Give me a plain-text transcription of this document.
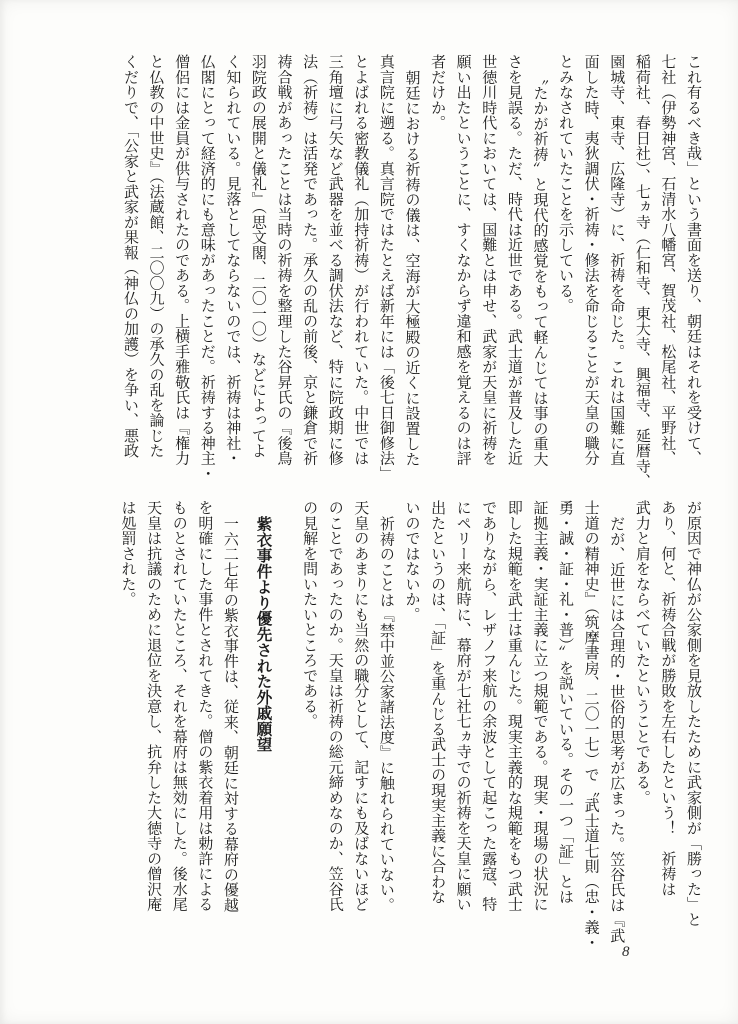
これ有るべき哉」という書面を送り、朝廷はそれを受けて、
七社（伊勢神宮、石清水八幡宮、賀茂社、松尾社、平野社、
稲荷社、春日社）、七ヵ寺（仁和寺、東大寺、興福寺、延暦寺、
園城寺、東寺、広隆寺）に、祈祷を命じた。これは国難に直
面した時、夷狄調伏・祈祷・修法を命じることが天皇の職分
とみなされていたことを示している。
〝たかが祈祷〟と現代的感覚をもって軽んじては事の重大
さを見誤る。ただ、時代は近世である。武士道が普及した近
世徳川時代においては、国難とは申せ、武家が天皇に祈祷を
願い出たということに、すくなからず違和感を覚えるのは評
者だけか。
朝廷における祈祷の儀は、空海が大極殿の近くに設置した
真言院に遡る。真言院ではたとえば新年には「後七日御修法」
とよばれる密教儀礼（加持祈祷）が行われていた。中世では
三角壇に弓矢など武器を並べる調伏法など、特に院政期に修
法（祈祷）は活発であった。承久の乱の前後、京と鎌倉で祈
祷合戦があったことは当時の祈祷を整理した谷昇氏の『後鳥
羽院政の展開と儀礼』（思文閣、二〇一〇）などによってよ
く知られている。見落としてならないのでは、祈祷は神社・
仏閣にとって経済的にも意味があったことだ。祈祷する神主・
僧侶には金員が供与されたのである。上横手雅敬氏は『権力
と仏教の中世史』（法蔵館、二〇〇九）の承久の乱を論じた
くだりで、「公家と武家が果報（神仏の加護）を争い、悪政
が原因で神仏が公家側を見放したために武家側が「勝った」と
あり、何と、祈祷合戦が勝敗を左右したという！　祈祷は
武力と肩をならべていたということである。
だが、近世には合理的・世俗的思考が広まった。笠谷氏は『武
士道の精神史』（筑摩書房、二〇一七）で〝武士道七則（忠・義・
勇・誠・証・礼・普）〟を説いている。その一つ「証」とは
証拠主義・実証主義に立つ規範である。現実・現場の状況に
即した規範を武士は重んじた。現実主義的な規範をもつ武士
でありながら、レザノフ来航の余波として起こった露寇、特
にペリー来航時に、幕府が七社七ヵ寺での祈祷を天皇に願い
出たというのは、「証」を重んじる武士の現実主義に合わな
いのではないか。
祈祷のことは『禁中並公家諸法度』に触れられていない。
天皇のあまりにも当然の職分として、記すにも及ばないほど
のことであったのか。天皇は祈祷の総元締めなのか、笠谷氏
の見解を問いたいところである。
紫衣事件より優先された外戚願望
一六二七年の紫衣事件は、従来、朝廷に対する幕府の優越
を明確にした事件とされてきた。僧の紫衣着用は勅許による
ものとされていたところ、それを幕府は無効にした。後水尾
天皇は抗議のために退位を決意し、抗弁した大徳寺の僧沢庵
は処罰された。
8
